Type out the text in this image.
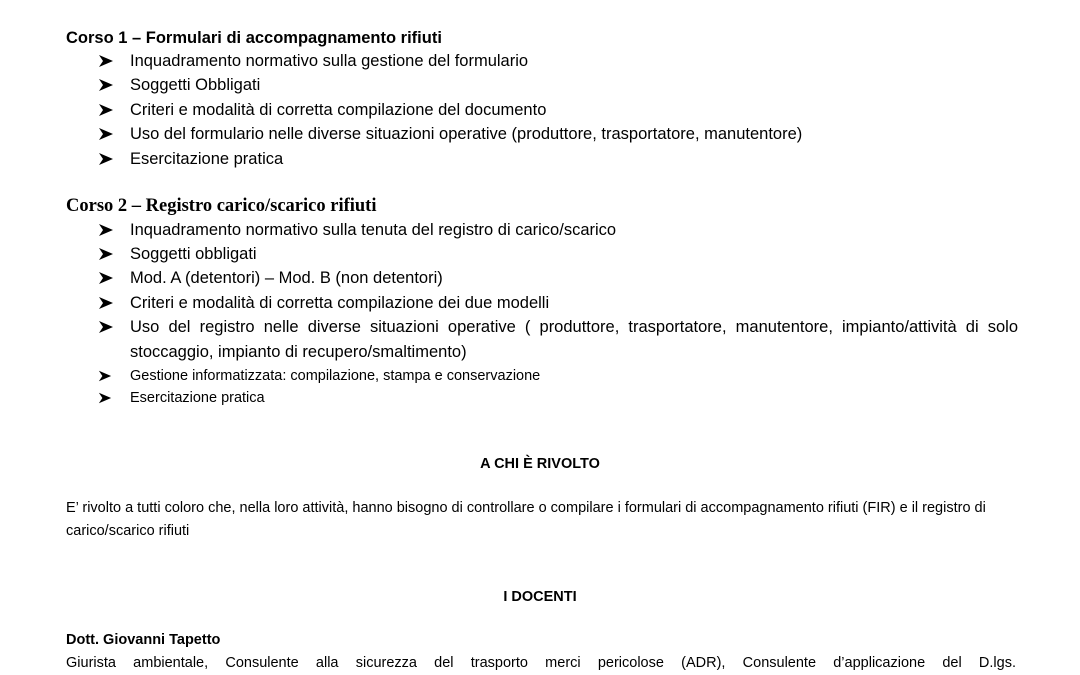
Corso 1 – Formulari di accompagnamento rifiuti
Inquadramento normativo sulla gestione del formulario
Soggetti Obbligati
Criteri e modalità di corretta compilazione del documento
Uso del formulario nelle diverse situazioni operative (produttore, trasportatore, manutentore)
Esercitazione pratica
Corso 2 – Registro carico/scarico rifiuti
Inquadramento normativo sulla tenuta del registro di carico/scarico
Soggetti obbligati
Mod. A (detentori) – Mod. B (non detentori)
Criteri e modalità di corretta compilazione dei due modelli
Uso del registro nelle diverse situazioni operative ( produttore, trasportatore, manutentore, impianto/attività di solo stoccaggio, impianto di recupero/smaltimento)
Gestione informatizzata: compilazione, stampa e conservazione
Esercitazione pratica
A CHI È RIVOLTO
E’ rivolto a tutti coloro che, nella loro attività, hanno bisogno di controllare o compilare i formulari di accompagnamento rifiuti (FIR) e il registro di carico/scarico rifiuti
I DOCENTI
Dott. Giovanni Tapetto
Giurista ambientale, Consulente alla sicurezza del trasporto merci pericolose (ADR), Consulente d’applicazione del D.lgs.
